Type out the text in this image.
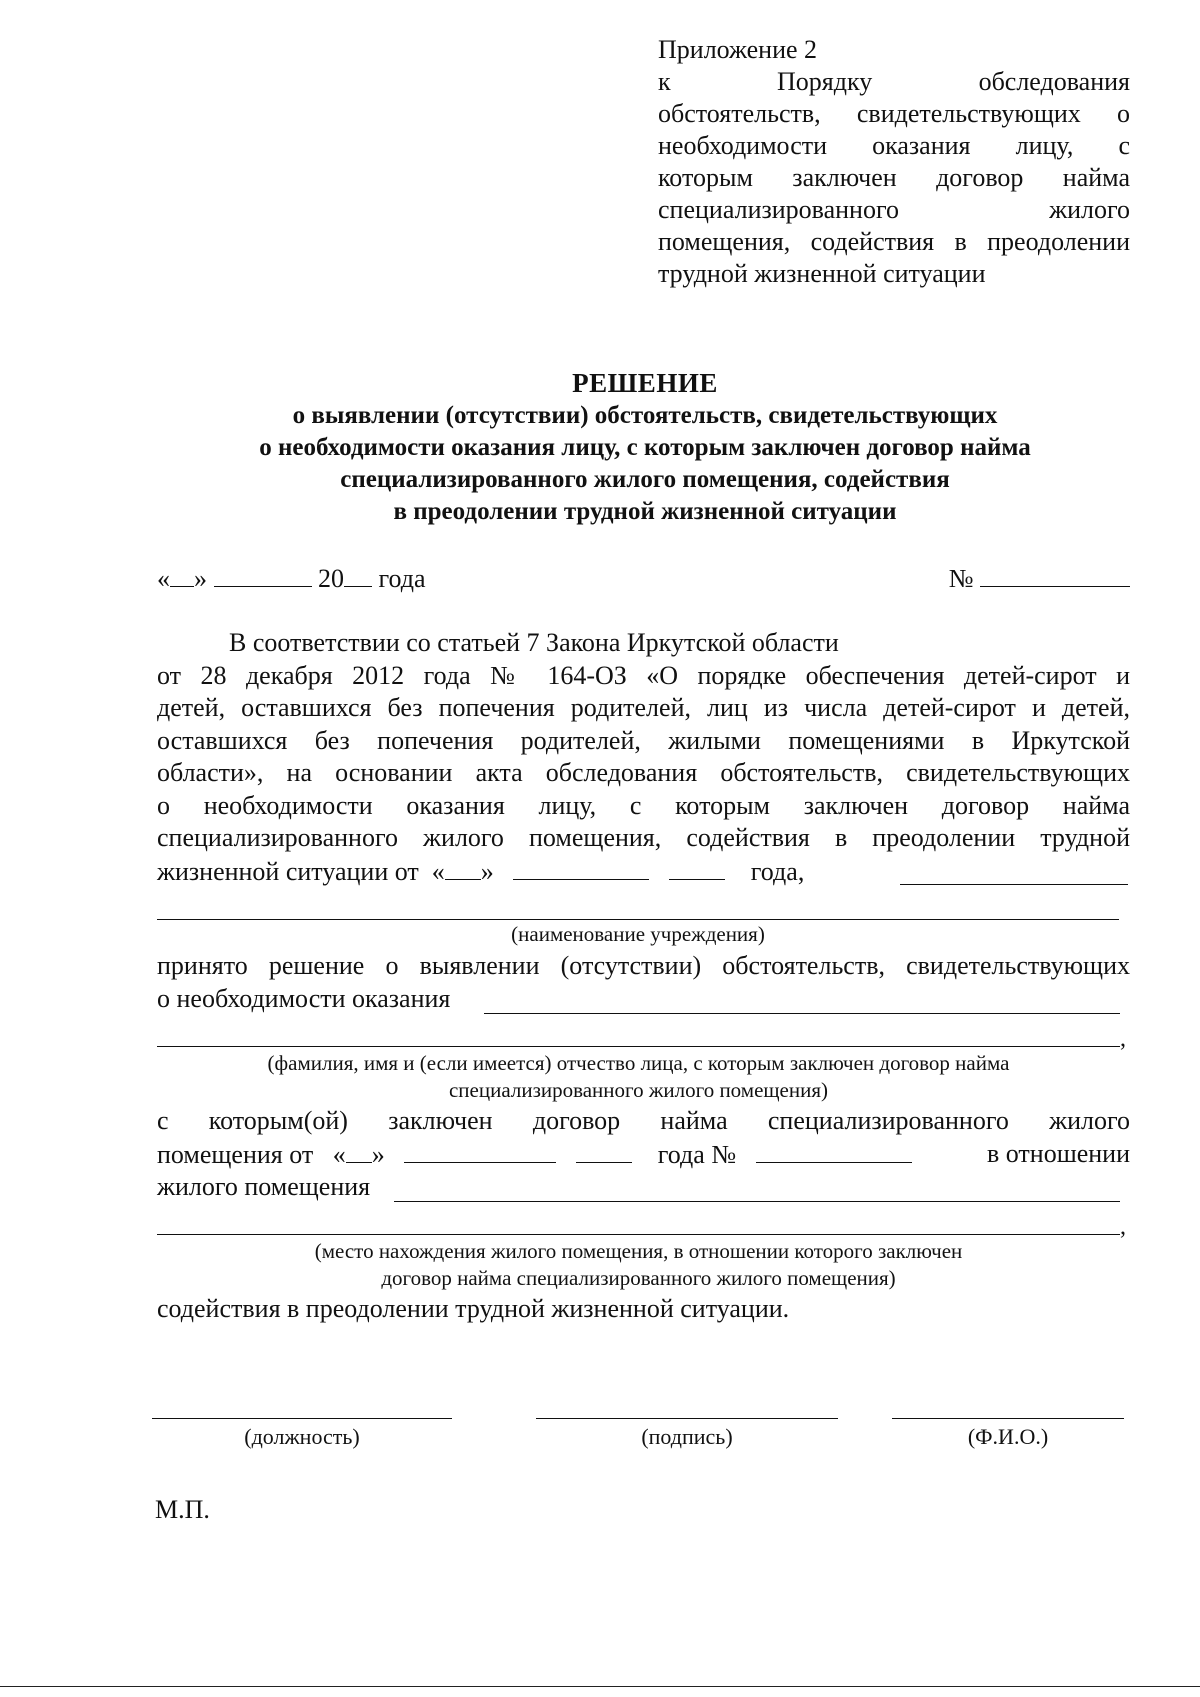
Приложение 2
к Порядку обследования
обстоятельств, свидетельствующих о
необходимости оказания лицу, с
которым заключен договор найма
специализированного жилого
помещения, содействия в преодолении
трудной жизненной ситуации
РЕШЕНИЕ
о выявлении (отсутствии) обстоятельств, свидетельствующих
о необходимости оказания лицу, с которым заключен договор найма
специализированного жилого помещения, содействия
в преодолении трудной жизненной ситуации
« »	20 года	№
В соответствии со статьей 7 Закона Иркутской области
от 28 декабря 2012 года № 164-ОЗ «О порядке обеспечения детей-сирот и
детей, оставшихся без попечения родителей, лиц из числа детей-сирот и детей,
оставшихся без попечения родителей, жилыми помещениями в Иркутской
области», на основании акта обследования обстоятельств, свидетельствующих
о необходимости оказания лицу, с которым заключен договор найма
специализированного жилого помещения, содействия в преодолении трудной
жизненной ситуации от « »	года,
(наименование учреждения)
принято решение о выявлении (отсутствии) обстоятельств, свидетельствующих
о необходимости оказания
,
(фамилия, имя и (если имеется) отчество лица, с которым заключен договор найма
специализированного жилого помещения)
с которым(ой) заключен договор найма специализированного жилого
помещения от « »	года №	в отношении
жилого помещения
,
(место нахождения жилого помещения, в отношении которого заключен
договор найма специализированного жилого помещения)
содействия в преодолении трудной жизненной ситуации.
(должность)	(подпись)	(Ф.И.О.)
М.П.
